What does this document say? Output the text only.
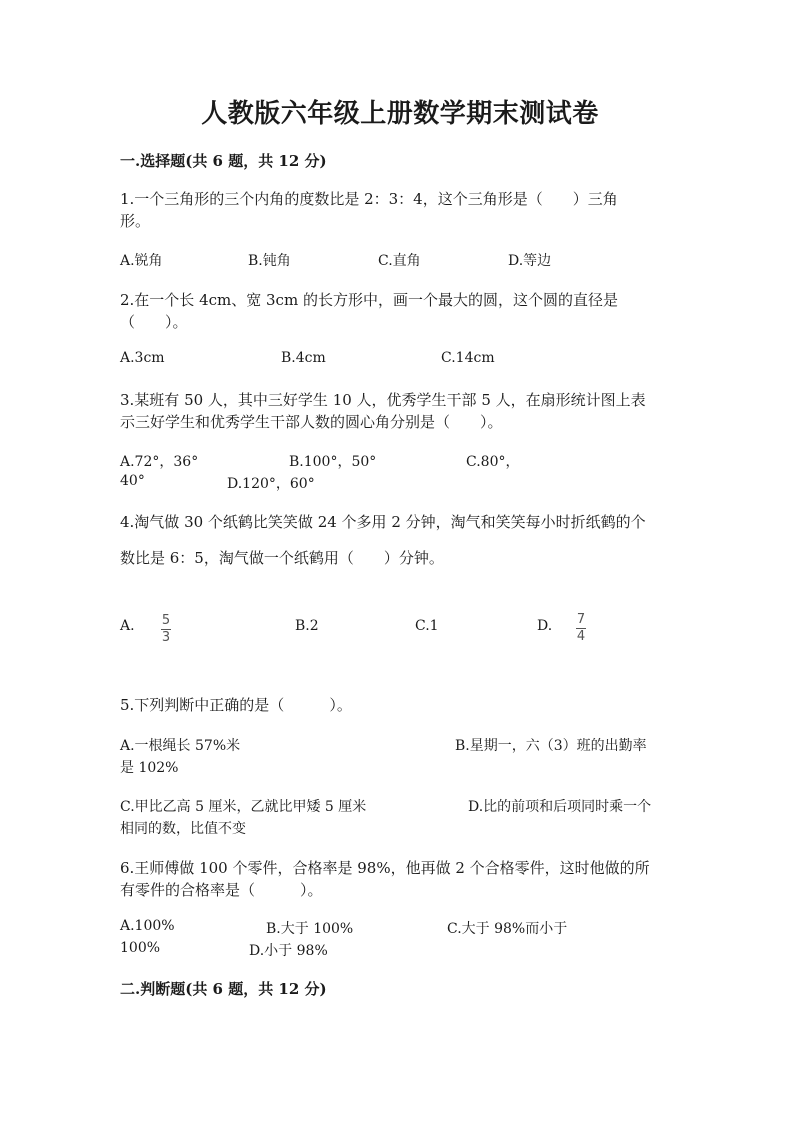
人教版六年级上册数学期末测试卷
一.选择题(共 6 题，共 12 分)
1.一个三角形的三个内角的度数比是 2：3：4，这个三角形是（　　）三角
形。
A.锐角	B.钝角	C.直角	D.等边
2.在一个长 4cm、宽 3cm 的长方形中，画一个最大的圆，这个圆的直径是
（　　）。
A.3cm	B.4cm	C.14cm
3.某班有 50 人，其中三好学生 10 人，优秀学生干部 5 人，在扇形统计图上表
示三好学生和优秀学生干部人数的圆心角分别是（　　）。
A.72°，36°	B.100°，50°	C.80°，
40°	D.120°，60°
4.淘气做 30 个纸鹤比笑笑做 24 个多用 2 分钟，淘气和笑笑每小时折纸鹤的个
数比是 6：5，淘气做一个纸鹤用（　　）分钟。
A. $\frac{5}{3}$	B.2	C.1	D. $\frac{7}{4}$
5.下列判断中正确的是（　　　）。
A.一根绳长 57%米	B.星期一，六（3）班的出勤率
是 102%
C.甲比乙高 5 厘米，乙就比甲矮 5 厘米	D.比的前项和后项同时乘一个
相同的数，比值不变
6.王师傅做 100 个零件，合格率是 98%，他再做 2 个合格零件，这时他做的所
有零件的合格率是（　　　）。
A.100%	B.大于 100%	C.大于 98%而小于
100%	D.小于 98%
二.判断题(共 6 题，共 12 分)
